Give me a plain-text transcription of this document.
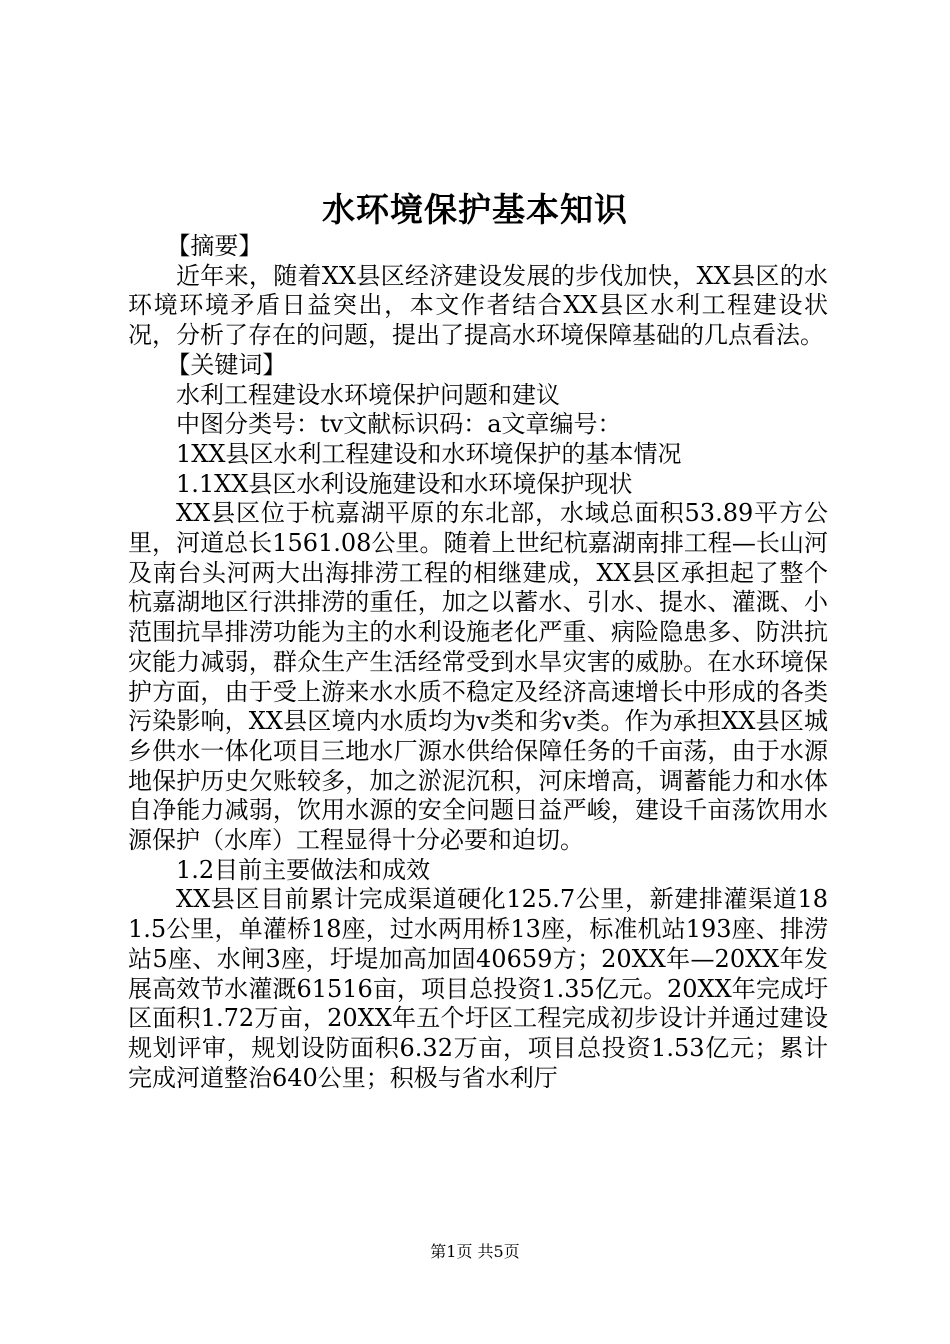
水环境保护基本知识

【摘要】

近年来，随着XX县区经济建设发展的步伐加快，XX县区的水环境环境矛盾日益突出，本文作者结合XX县区水利工程建设状况，分析了存在的问题，提出了提高水环境保障基础的几点看法。

【关键词】

水利工程建设水环境保护问题和建议

中图分类号：tv文献标识码：a文章编号：

1XX县区水利工程建设和水环境保护的基本情况

1.1XX县区水利设施建设和水环境保护现状

XX县区位于杭嘉湖平原的东北部，水域总面积53.89平方公里，河道总长1561.08公里。随着上世纪杭嘉湖南排工程—长山河及南台头河两大出海排涝工程的相继建成，XX县区承担起了整个杭嘉湖地区行洪排涝的重任，加之以蓄水、引水、提水、灌溉、小范围抗旱排涝功能为主的水利设施老化严重、病险隐患多、防洪抗灾能力减弱，群众生产生活经常受到水旱灾害的威胁。在水环境保护方面，由于受上游来水水质不稳定及经济高速增长中形成的各类污染影响，XX县区境内水质均为v类和劣v类。作为承担XX县区城乡供水一体化项目三地水厂源水供给保障任务的千亩荡，由于水源地保护历史欠账较多，加之淤泥沉积，河床增高，调蓄能力和水体自净能力减弱，饮用水源的安全问题日益严峻，建设千亩荡饮用水源保护（水库）工程显得十分必要和迫切。

1.2目前主要做法和成效

XX县区目前累计完成渠道硬化125.7公里，新建排灌渠道181.5公里，单灌桥18座，过水两用桥13座，标准机站193座、排涝站5座、水闸3座，圩堤加高加固40659方；20XX年—20XX年发展高效节水灌溉61516亩，项目总投资1.35亿元。20XX年完成圩区面积1.72万亩，20XX年五个圩区工程完成初步设计并通过建设规划评审，规划设防面积6.32万亩，项目总投资1.53亿元；累计完成河道整治640公里；积极与省水利厅

第1页 共5页
